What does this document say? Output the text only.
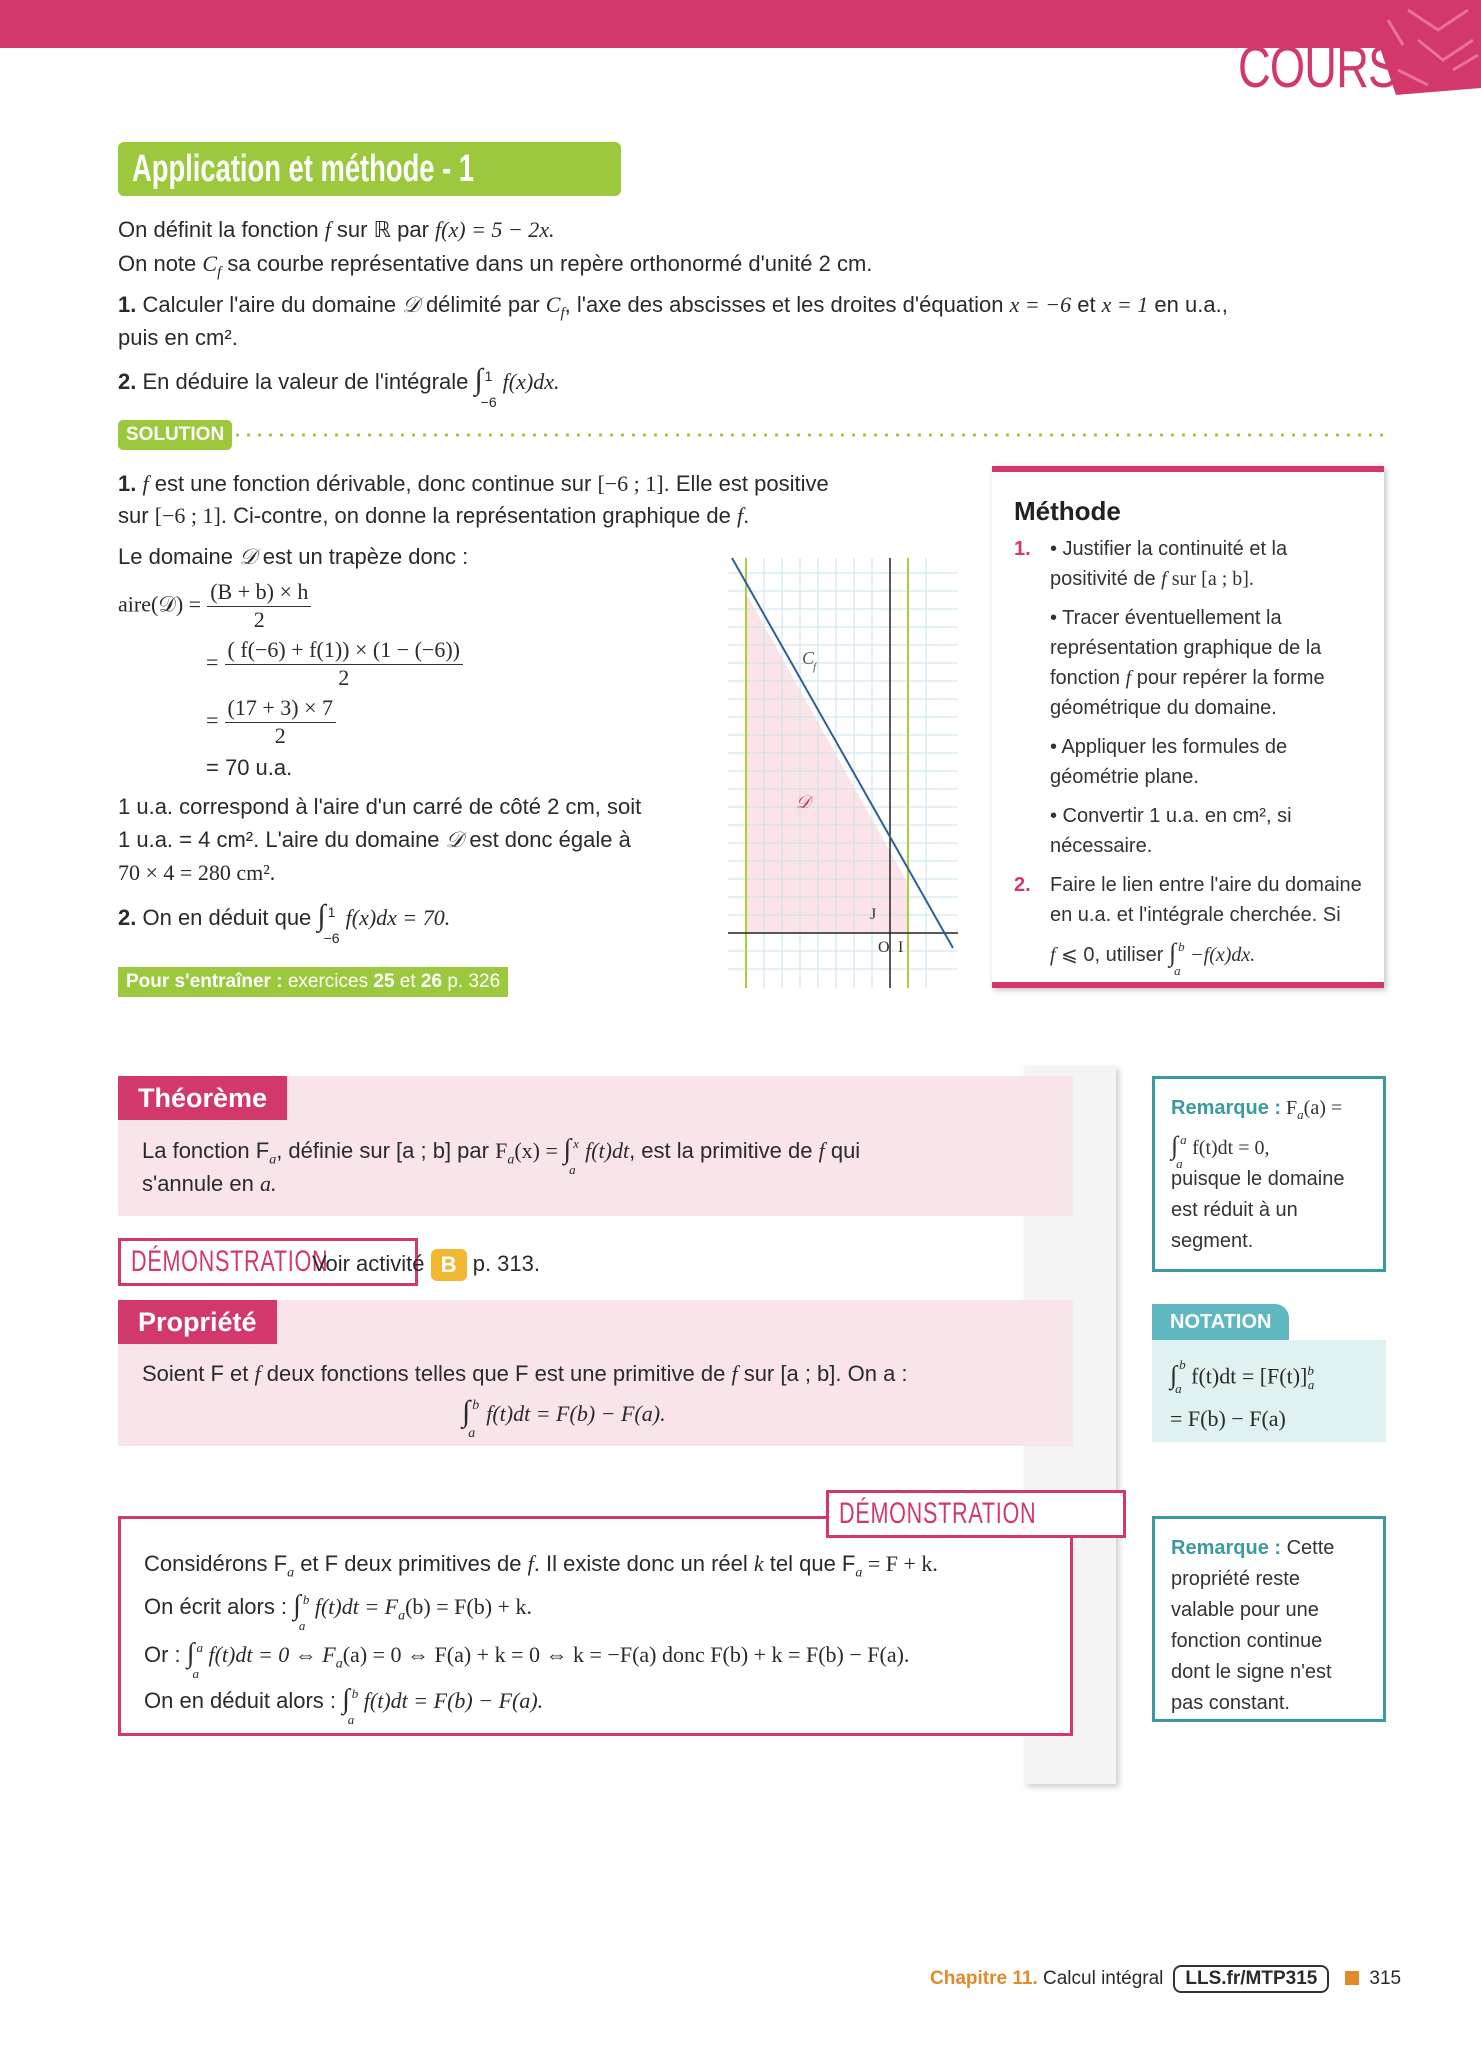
COURS
Application et méthode - 1
On définit la fonction f sur ℝ par f(x) = 5 − 2x.
On note $C_f$ sa courbe représentative dans un repère orthonormé d'unité 2 cm.
1. Calculer l'aire du domaine 𝒟 délimité par $C_f$, l'axe des abscisses et les droites d'équation x = −6 et x = 1 en u.a.,
puis en cm².
2. En déduire la valeur de l'intégrale ∫ 1
−6
f(x)dx.
SOLUTION
1. f est une fonction dérivable, donc continue sur [−6 ; 1]. Elle est positive
sur [−6 ; 1]. Ci-contre, on donne la représentation graphique de f.
Le domaine 𝒟 est un trapèze donc :
aire(𝒟) = $\frac{(B + b) \times h}{2}$
= $\frac{( f(-6) + f(1)) \times (1 - (-6))}{2}$
= $\frac{(17 + 3) \times 7}{2}$
= 70 u.a.
1 u.a. correspond à l'aire d'un carré de côté 2 cm, soit
1 u.a. = 4 cm². L'aire du domaine 𝒟 est donc égale à
70 × 4 = 280 cm².
2. On en déduit que ∫ 1
−6
f(x)dx = 70.
Pour s'entraîner : exercices 25 et 26 p. 326
C
f
𝒟
O I
J
Méthode
1. • Justifier la continuité et la
positivité de f sur [a ; b].
• Tracer éventuellement la
représentation graphique de la
fonction f pour repérer la forme
géométrique du domaine.
• Appliquer les formules de
géométrie plane.
• Convertir 1 u.a. en cm², si
nécessaire.
2. Faire le lien entre l'aire du domaine
en u.a. et l'intégrale cherchée. Si
f ⩽ 0, utiliser ∫ b
a
−f(x)dx.
Théorème
La fonction $F_a$, définie sur [a ; b] par $F_a(x)$ = ∫ x
a
f(t)dt, est la primitive de f qui
s'annule en a.
DÉMONSTRATION
Voir activité B p. 313.
Propriété
Soient F et f deux fonctions telles que F est une primitive de f sur [a ; b]. On a :
∫ b
a
f(t)dt = F(b) − F(a).
DÉMONSTRATION
Considérons $F_a$ et F deux primitives de f. Il existe donc un réel k tel que $F_a = F + k$.
On écrit alors : ∫ b
a
$f(t)dt = F_a(b) = F(b) + k$.
Or : ∫ a
a
f(t)dt = 0 ⇔ $F_a(a) = 0$ ⇔ F(a) + k = 0 ⇔ k = −F(a) donc F(b) + k = F(b) − F(a).
On en déduit alors : ∫ b
a
f(t)dt = F(b) − F(a).
Remarque : $F_a(a)$ =
∫ a
a
f(t)dt = 0,
puisque le domaine
est réduit à un
segment.
NOTATION
∫ b
a
$f(t)dt = [F(t)]^b_a$
= F(b) − F(a)
Remarque : Cette
propriété reste
valable pour une
fonction continue
dont le signe n'est
pas constant.
Chapitre 11. Calcul intégral LLS.fr/MTP315	315
